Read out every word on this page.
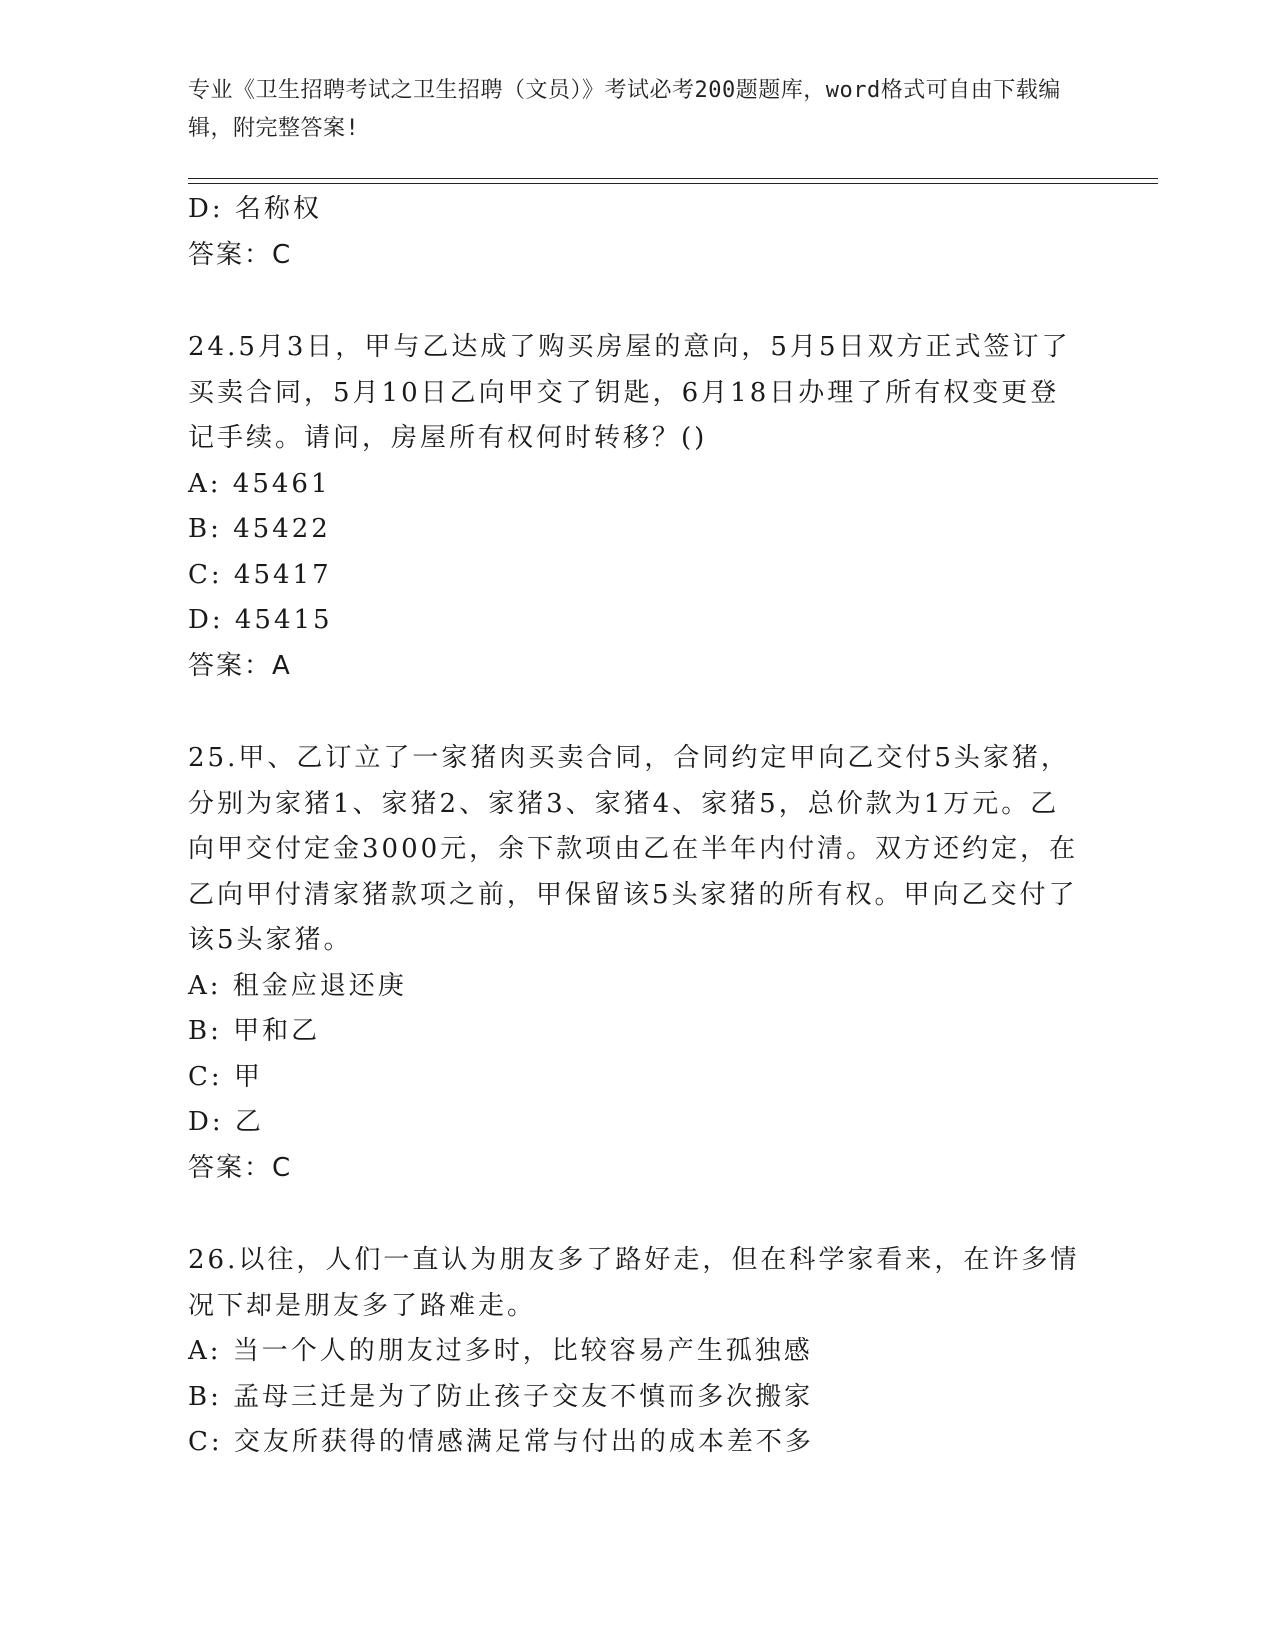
专业《卫生招聘考试之卫生招聘（文员）》考试必考200题题库，word格式可自由下载编辑，附完整答案!
D: 名称权
答案：C
24.5月3日，甲与乙达成了购买房屋的意向，5月5日双方正式签订了买卖合同，5月10日乙向甲交了钥匙，6月18日办理了所有权变更登记手续。请问，房屋所有权何时转移？()
A: 45461
B: 45422
C: 45417
D: 45415
答案：A
25.甲、乙订立了一家猪肉买卖合同，合同约定甲向乙交付5头家猪，分别为家猪1、家猪2、家猪3、家猪4、家猪5，总价款为1万元。乙向甲交付定金3000元，余下款项由乙在半年内付清。双方还约定，在乙向甲付清家猪款项之前，甲保留该5头家猪的所有权。甲向乙交付了该5头家猪。
A: 租金应退还庚
B: 甲和乙
C: 甲
D: 乙
答案：C
26.以往，人们一直认为朋友多了路好走，但在科学家看来，在许多情况下却是朋友多了路难走。
A: 当一个人的朋友过多时，比较容易产生孤独感
B: 孟母三迁是为了防止孩子交友不慎而多次搬家
C: 交友所获得的情感满足常与付出的成本差不多
